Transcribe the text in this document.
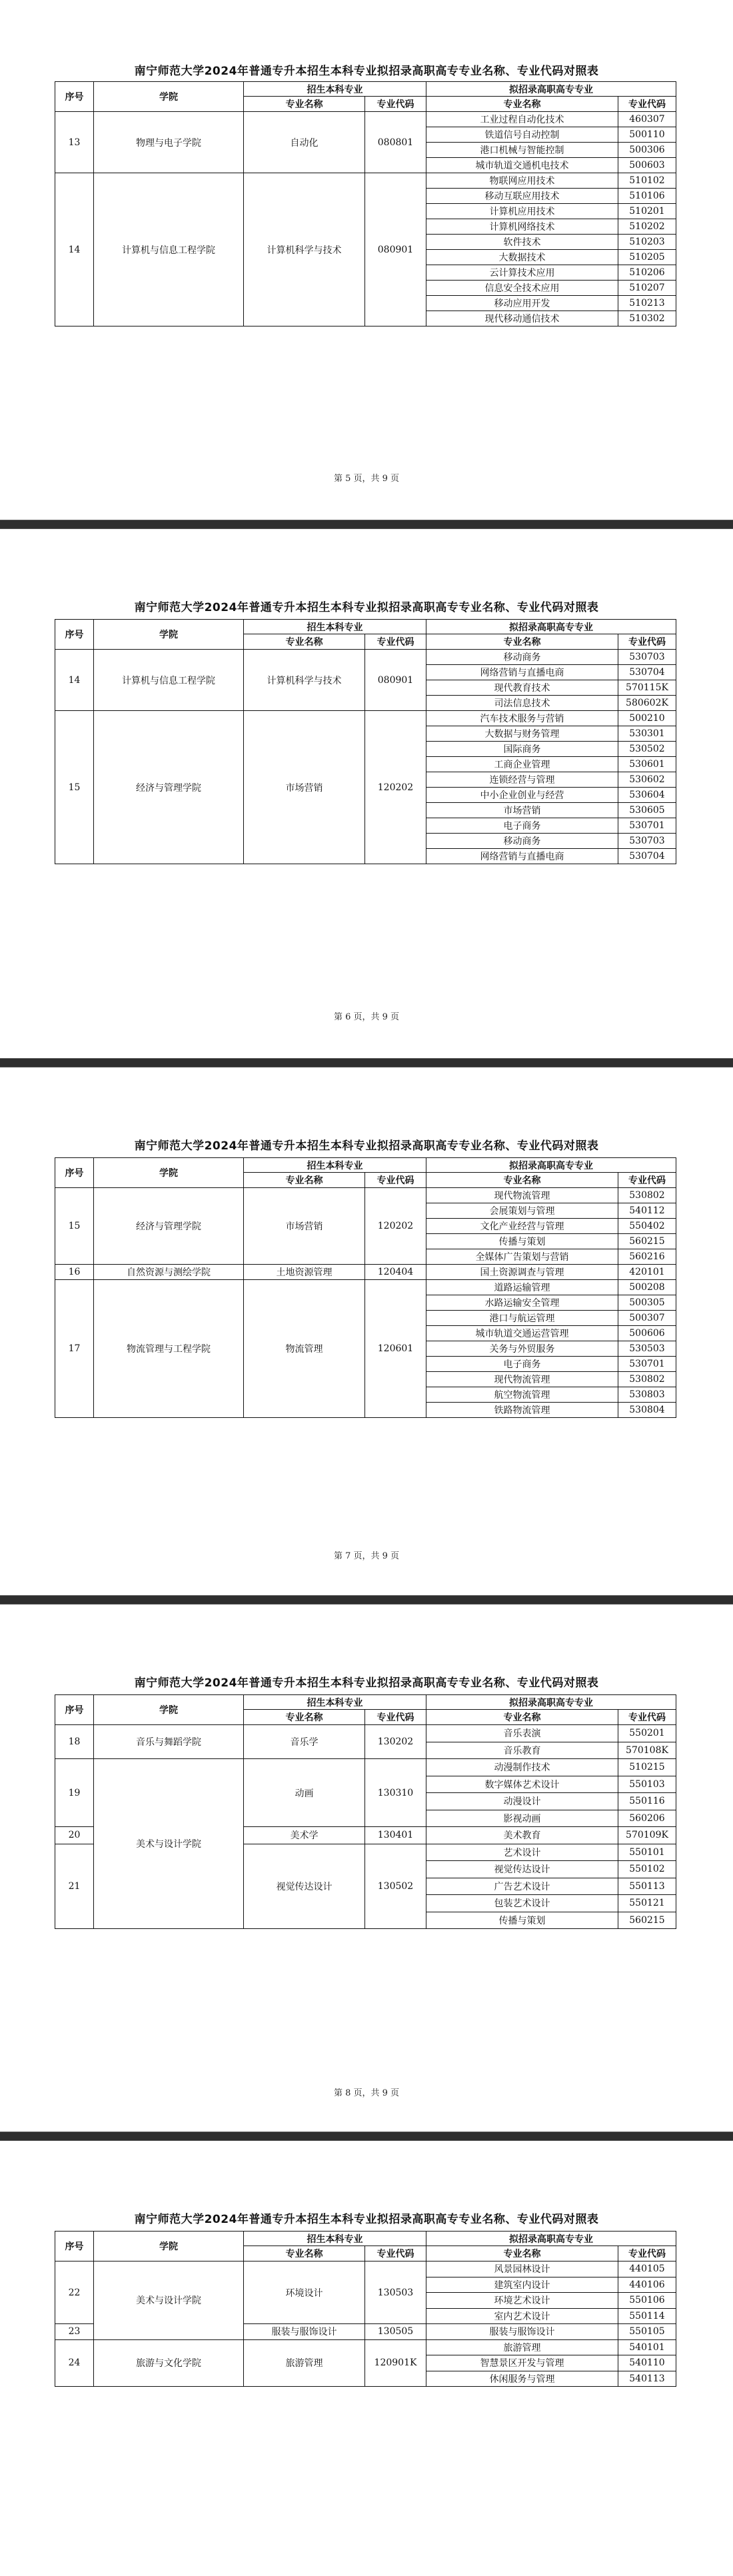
南宁师范大学2024年普通专升本招生本科专业拟招录高职高专专业名称、专业代码对照表
序号	学院	招生本科专业		拟招录高职高专专业	
		专业名称	专业代码	专业名称	专业代码
13	物理与电子学院	自动化	080801	工业过程自动化技术	460307
				铁道信号自动控制	500110
				港口机械与智能控制	500306
				城市轨道交通机电技术	500603
14	计算机与信息工程学院	计算机科学与技术	080901	物联网应用技术	510102
				移动互联应用技术	510106
				计算机应用技术	510201
				计算机网络技术	510202
				软件技术	510203
				大数据技术	510205
				云计算技术应用	510206
				信息安全技术应用	510207
				移动应用开发	510213
				现代移动通信技术	510302
第 5 页，共 9 页
南宁师范大学2024年普通专升本招生本科专业拟招录高职高专专业名称、专业代码对照表
序号	学院	招生本科专业		拟招录高职高专专业	
		专业名称	专业代码	专业名称	专业代码
14	计算机与信息工程学院	计算机科学与技术	080901	移动商务	530703
				网络营销与直播电商	530704
				现代教育技术	570115K
				司法信息技术	580602K
15	经济与管理学院	市场营销	120202	汽车技术服务与营销	500210
				大数据与财务管理	530301
				国际商务	530502
				工商企业管理	530601
				连锁经营与管理	530602
				中小企业创业与经营	530604
				市场营销	530605
				电子商务	530701
				移动商务	530703
				网络营销与直播电商	530704
第 6 页，共 9 页
南宁师范大学2024年普通专升本招生本科专业拟招录高职高专专业名称、专业代码对照表
序号	学院	招生本科专业		拟招录高职高专专业	
		专业名称	专业代码	专业名称	专业代码
15	经济与管理学院	市场营销	120202	现代物流管理	530802
				会展策划与管理	540112
				文化产业经营与管理	550402
				传播与策划	560215
				全媒体广告策划与营销	560216
16	自然资源与测绘学院	土地资源管理	120404	国土资源调查与管理	420101
17	物流管理与工程学院	物流管理	120601	道路运输管理	500208
				水路运输安全管理	500305
				港口与航运管理	500307
				城市轨道交通运营管理	500606
				关务与外贸服务	530503
				电子商务	530701
				现代物流管理	530802
				航空物流管理	530803
				铁路物流管理	530804
第 7 页，共 9 页
南宁师范大学2024年普通专升本招生本科专业拟招录高职高专专业名称、专业代码对照表
序号	学院	招生本科专业		拟招录高职高专专业	
		专业名称	专业代码	专业名称	专业代码
18	音乐与舞蹈学院	音乐学	130202	音乐表演	550201
				音乐教育	570108K
19	美术与设计学院	动画	130310	动漫制作技术	510215
				数字媒体艺术设计	550103
				动漫设计	550116
				影视动画	560206
20		美术学	130401	美术教育	570109K
21		视觉传达设计	130502	艺术设计	550101
				视觉传达设计	550102
				广告艺术设计	550113
				包装艺术设计	550121
				传播与策划	560215
第 8 页，共 9 页
南宁师范大学2024年普通专升本招生本科专业拟招录高职高专专业名称、专业代码对照表
序号	学院	招生本科专业		拟招录高职高专专业	
		专业名称	专业代码	专业名称	专业代码
22	美术与设计学院	环境设计	130503	风景园林设计	440105
				建筑室内设计	440106
				环境艺术设计	550106
				室内艺术设计	550114
23		服装与服饰设计	130505	服装与服饰设计	550105
24	旅游与文化学院	旅游管理	120901K	旅游管理	540101
				智慧景区开发与管理	540110
				休闲服务与管理	540113
